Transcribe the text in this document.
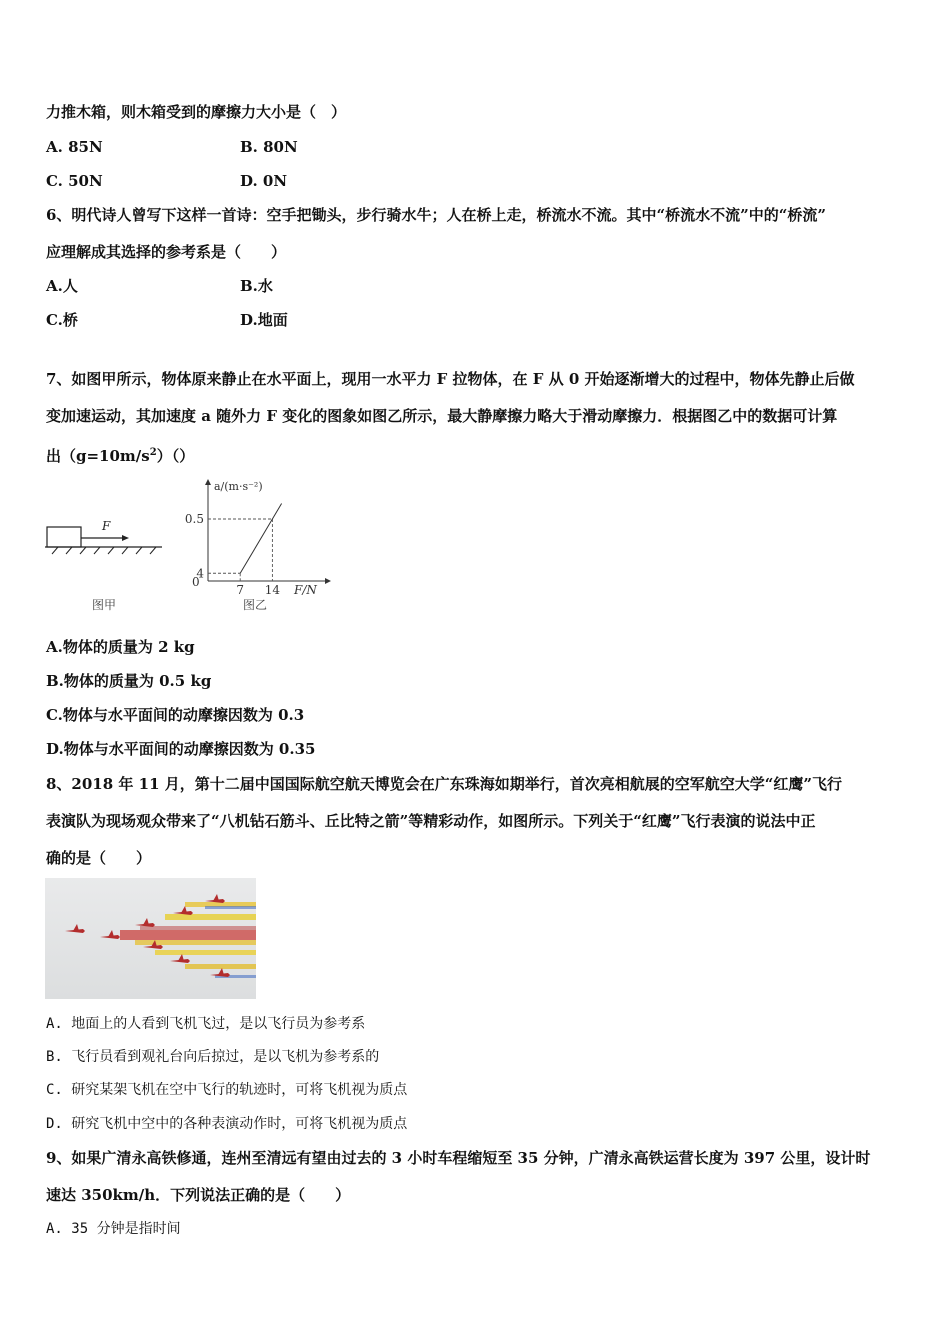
力推木箱，则木箱受到的摩擦力大小是（　）
A. 85N	B. 80N
C. 50N	D. 0N
6、明代诗人曾写下这样一首诗：空手把锄头，步行骑水牛；人在桥上走，桥流水不流。其中“桥流水不流”中的“桥流”
应理解成其选择的参考系是（　　）
A.人	B.水
C.桥	D.地面
7、如图甲所示，物体原来静止在水平面上，现用一水平力 F 拉物体，在 F 从 0 开始逐渐增大的过程中，物体先静止后做
变加速运动，其加速度 a 随外力 F 变化的图象如图乙所示，最大静摩擦力略大于滑动摩擦力．根据图乙中的数据可计算
出$(g=10m/s^2)()$
F
图甲
a/(m·s⁻²)
F/N
0
4
0.5
7 14
图乙
A.物体的质量为 2 kg
B.物体的质量为 0.5 kg
C.物体与水平面间的动摩擦因数为 0.3
D.物体与水平面间的动摩擦因数为 0.35
8、2018 年 11 月，第十二届中国国际航空航天博览会在广东珠海如期举行，首次亮相航展的空军航空大学“红鹰”飞行
表演队为现场观众带来了“八机钻石筋斗、丘比特之箭”等精彩动作，如图所示。下列关于“红鹰”飞行表演的说法中正
确的是（　　）
A. 地面上的人看到飞机飞过，是以飞行员为参考系
B. 飞行员看到观礼台向后掠过，是以飞机为参考系的
C. 研究某架飞机在空中飞行的轨迹时，可将飞机视为质点
D. 研究飞机中空中的各种表演动作时，可将飞机视为质点
9、如果广清永高铁修通，连州至清远有望由过去的 3 小时车程缩短至 35 分钟，广清永高铁运营长度为 397 公里，设计时
速达 350km/h．下列说法正确的是（　　）
A. 35 分钟是指时间
